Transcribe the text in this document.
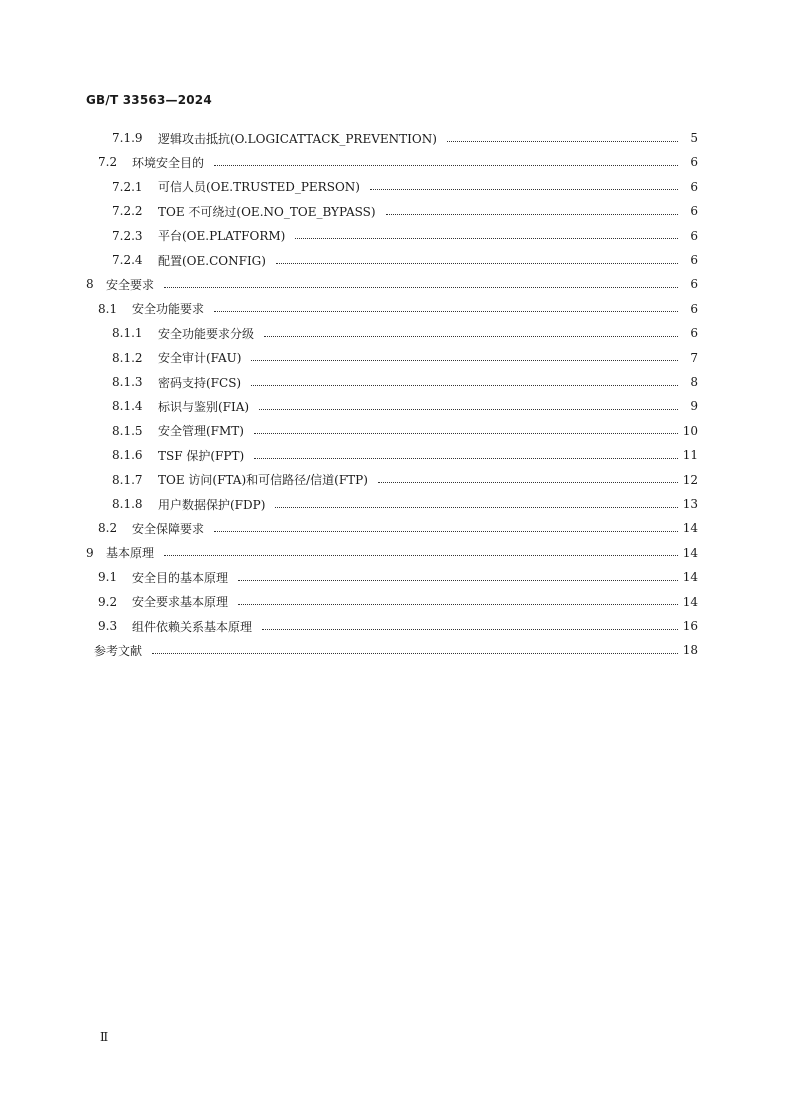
GB/T 33563—2024
7.1.9	逻辑攻击抵抗(O.LOGICATTACK_PREVENTION)	5
7.2	环境安全目的	6
7.2.1	可信人员(OE.TRUSTED_PERSON)	6
7.2.2	TOE 不可绕过(OE.NO_TOE_BYPASS)	6
7.2.3	平台(OE.PLATFORM)	6
7.2.4	配置(OE.CONFIG)	6
8	安全要求	6
8.1	安全功能要求	6
8.1.1	安全功能要求分级	6
8.1.2	安全审计(FAU)	7
8.1.3	密码支持(FCS)	8
8.1.4	标识与鉴别(FIA)	9
8.1.5	安全管理(FMT)	10
8.1.6	TSF 保护(FPT)	11
8.1.7	TOE 访问(FTA)和可信路径/信道(FTP)	12
8.1.8	用户数据保护(FDP)	13
8.2	安全保障要求	14
9	基本原理	14
9.1	安全目的基本原理	14
9.2	安全要求基本原理	14
9.3	组件依赖关系基本原理	16
参考文献	18
Ⅱ
